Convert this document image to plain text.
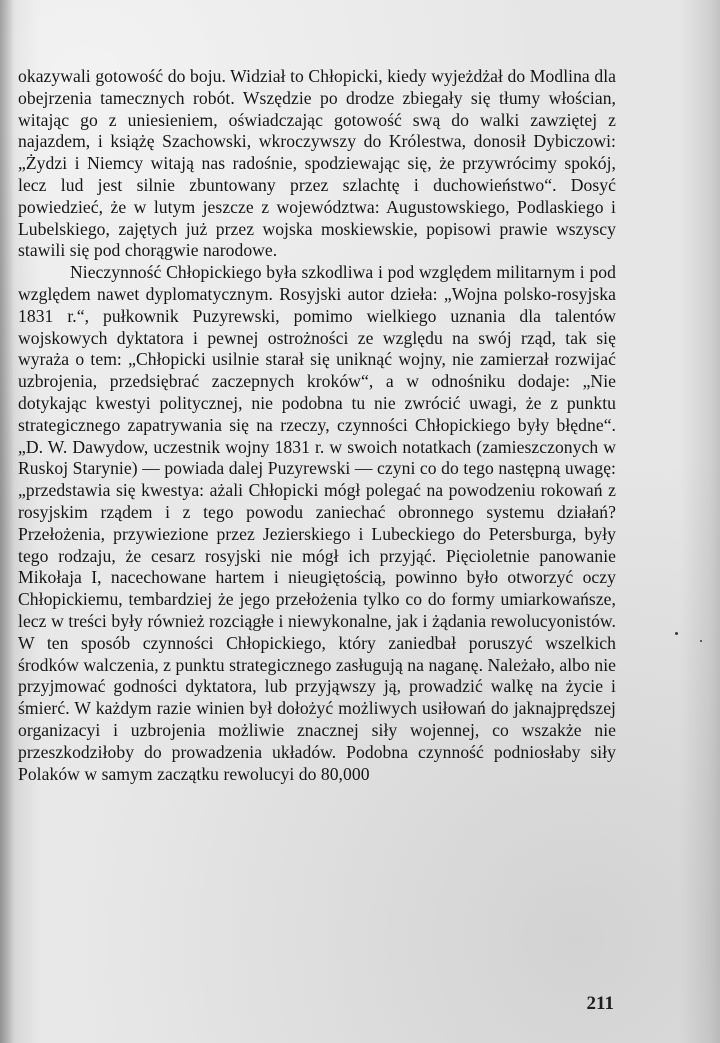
okazywali gotowość do boju. Widział to Chłopicki, kiedy wyjeżdżał do Modlina dla obejrzenia tamecznych robót. Wszędzie po drodze zbiegały się tłumy włościan, witając go z uniesieniem, oświadczając gotowość swą do walki zawziętej z najazdem, i książę Szachowski, wkroczywszy do Królestwa, donosił Dybiczowi: „Żydzi i Niemcy witają nas radośnie, spodziewając się, że przywrócimy spokój, lecz lud jest silnie zbuntowany przez szlachtę i duchowieństwo“. Dosyć powiedzieć, że w lutym jeszcze z województwa: Augustowskiego, Podlaskiego i Lubelskiego, zajętych już przez wojska moskiewskie, popisowi prawie wszyscy stawili się pod chorągwie narodowe.

Nieczynność Chłopickiego była szkodliwa i pod względem militarnym i pod względem nawet dyplomatycznym. Rosyjski autor dzieła: „Wojna polsko-rosyjska 1831 r.“, pułkownik Puzyrewski, pomimo wielkiego uznania dla talentów wojskowych dyktatora i pewnej ostrożności ze względu na swój rząd, tak się wyraża o tem: „Chłopicki usilnie starał się uniknąć wojny, nie zamierzał rozwijać uzbrojenia, przedsiębrać zaczepnych kroków“, a w odnośniku dodaje: „Nie dotykając kwestyi politycznej, nie podobna tu nie zwrócić uwagi, że z punktu strategicznego zapatrywania się na rzeczy, czynności Chłopickiego były błędne“. „D. W. Dawydow, uczestnik wojny 1831 r. w swoich notatkach (zamieszczonych w Ruskoj Starynie) — powiada dalej Puzyrewski — czyni co do tego następną uwagę: „przedstawia się kwestya: ażali Chłopicki mógł polegać na powodzeniu rokowań z rosyjskim rządem i z tego powodu zaniechać obronnego systemu działań? Przełożenia, przywiezione przez Jezierskiego i Lubeckiego do Petersburga, były tego rodzaju, że cesarz rosyjski nie mógł ich przyjąć. Pięcioletnie panowanie Mikołaja I, nacechowane hartem i nieugiętością, powinno było otworzyć oczy Chłopickiemu, tembardziej że jego przełożenia tylko co do formy umiarkowańsze, lecz w treści były również rozciągłe i niewykonalne, jak i żądania rewolucyonistów. W ten sposób czynności Chłopickiego, który zaniedbał poruszyć wszelkich środków walczenia, z punktu strategicznego zasługują na naganę. Należało, albo nie przyjmować godności dyktatora, lub przyjąwszy ją, prowadzić walkę na życie i śmierć. W każdym razie winien był dołożyć możliwych usiłowań do jaknajprędszej organizacyi i uzbrojenia możliwie znacznej siły wojennej, co wszakże nie przeszkodziłoby do prowadzenia układów. Podobna czynność podniosłaby siły Polaków w samym zaczątku rewolucyi do 80,000

211
